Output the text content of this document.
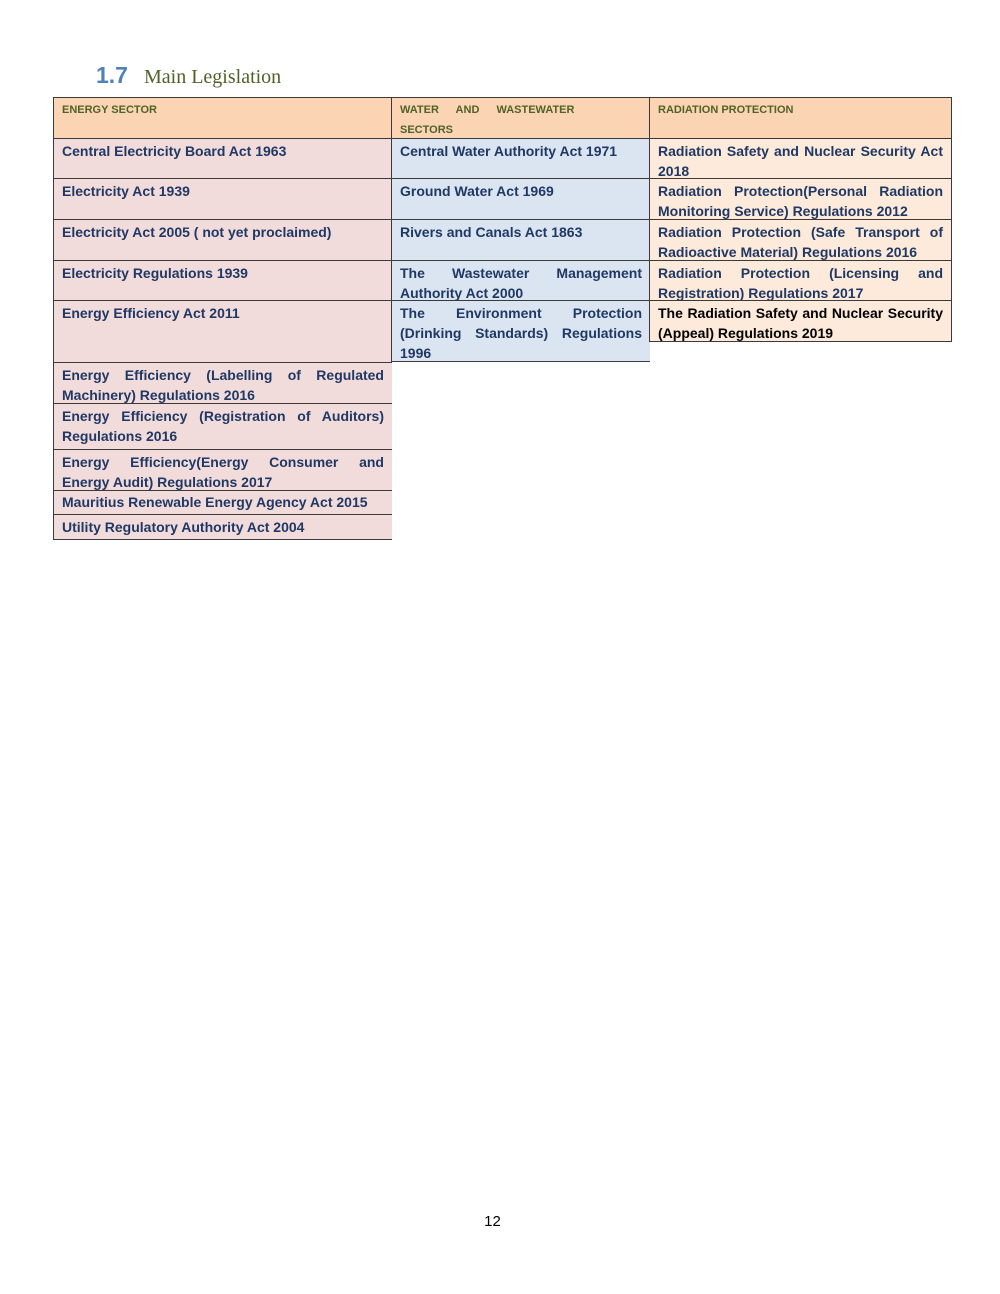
1.7 Main Legislation
ENERGY SECTOR
Central Electricity Board Act 1963
Electricity Act 1939
Electricity Act 2005 ( not yet proclaimed)
Electricity Regulations 1939
Energy Efficiency Act 2011
Energy Efficiency (Labelling of Regulated Machinery) Regulations 2016
Energy Efficiency (Registration of Auditors) Regulations 2016
Energy Efficiency(Energy Consumer and Energy Audit) Regulations 2017
Mauritius Renewable Energy Agency Act 2015
Utility Regulatory Authority Act 2004
WATER AND WASTEWATER SECTORS
Central Water Authority Act 1971
Ground Water Act 1969
Rivers and Canals Act 1863
The Wastewater Management Authority Act 2000
The Environment Protection (Drinking Standards) Regulations 1996
RADIATION PROTECTION
Radiation Safety and Nuclear Security Act 2018
Radiation Protection(Personal Radiation Monitoring Service) Regulations 2012
Radiation Protection (Safe Transport of Radioactive Material) Regulations 2016
Radiation Protection (Licensing and Registration) Regulations 2017
The Radiation Safety and Nuclear Security (Appeal) Regulations 2019
12
